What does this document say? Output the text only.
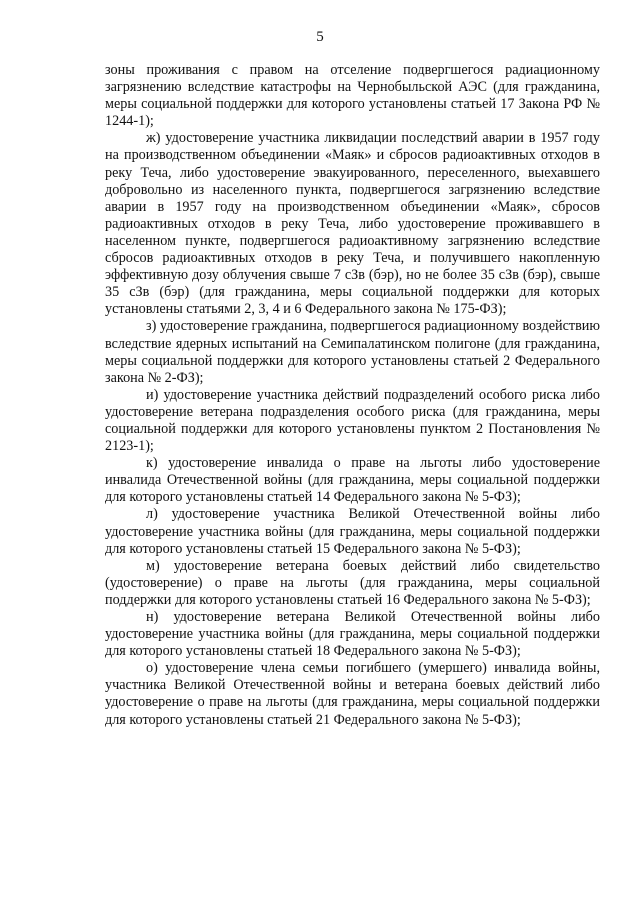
5

зоны проживания с правом на отселение подвергшегося радиационному загрязнению вследствие катастрофы на Чернобыльской АЭС (для гражданина, меры социальной поддержки для которого установлены статьей 17 Закона РФ № 1244-1);

ж) удостоверение участника ликвидации последствий аварии в 1957 году на производственном объединении «Маяк» и сбросов радиоактивных отходов в реку Теча, либо удостоверение эвакуированного, переселенного, выехавшего добровольно из населенного пункта, подвергшегося загрязнению вследствие аварии в 1957 году на производственном объединении «Маяк», сбросов радиоактивных отходов в реку Теча, либо удостоверение проживавшего в населенном пункте, подвергшегося радиоактивному загрязнению вследствие сбросов радиоактивных отходов в реку Теча, и получившего накопленную эффективную дозу облучения свыше 7 сЗв (бэр), но не более 35 сЗв (бэр), свыше 35 сЗв (бэр) (для гражданина, меры социальной поддержки для которых установлены статьями 2, 3, 4 и 6 Федерального закона № 175-ФЗ);

з) удостоверение гражданина, подвергшегося радиационному воздействию вследствие ядерных испытаний на Семипалатинском полигоне (для гражданина, меры социальной поддержки для которого установлены статьей 2 Федерального закона № 2-ФЗ);

и) удостоверение участника действий подразделений особого риска либо удостоверение ветерана подразделения особого риска (для гражданина, меры социальной поддержки для которого установлены пунктом 2 Постановления № 2123-1);

к) удостоверение инвалида о праве на льготы либо удостоверение инвалида Отечественной войны (для гражданина, меры социальной поддержки для которого установлены статьей 14 Федерального закона № 5-ФЗ);

л) удостоверение участника Великой Отечественной войны либо удостоверение участника войны (для гражданина, меры социальной поддержки для которого установлены статьей 15 Федерального закона № 5-ФЗ);

м) удостоверение ветерана боевых действий либо свидетельство (удостоверение) о праве на льготы (для гражданина, меры социальной поддержки для которого установлены статьей 16 Федерального закона № 5-ФЗ);

н) удостоверение ветерана Великой Отечественной войны либо удостоверение участника войны (для гражданина, меры социальной поддержки для которого установлены статьей 18 Федерального закона № 5-ФЗ);

о) удостоверение члена семьи погибшего (умершего) инвалида войны, участника Великой Отечественной войны и ветерана боевых действий либо удостоверение о праве на льготы (для гражданина, меры социальной поддержки для которого установлены статьей 21 Федерального закона № 5-ФЗ);
